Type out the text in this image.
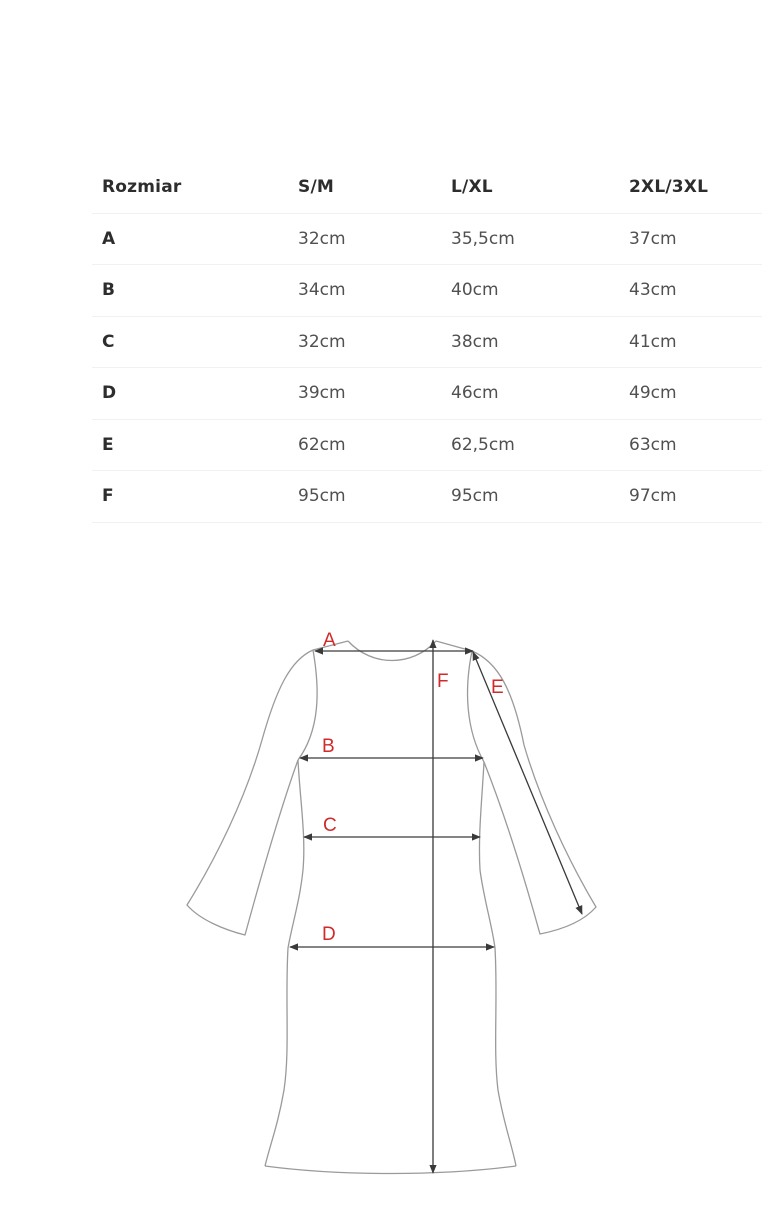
Rozmiar	S/M	L/XL	2XL/3XL
A	32cm	35,5cm	37cm
B	34cm	40cm	43cm
C	32cm	38cm	41cm
D	39cm	46cm	49cm
E	62cm	62,5cm	63cm
F	95cm	95cm	97cm
A
B
C
D
E
F
